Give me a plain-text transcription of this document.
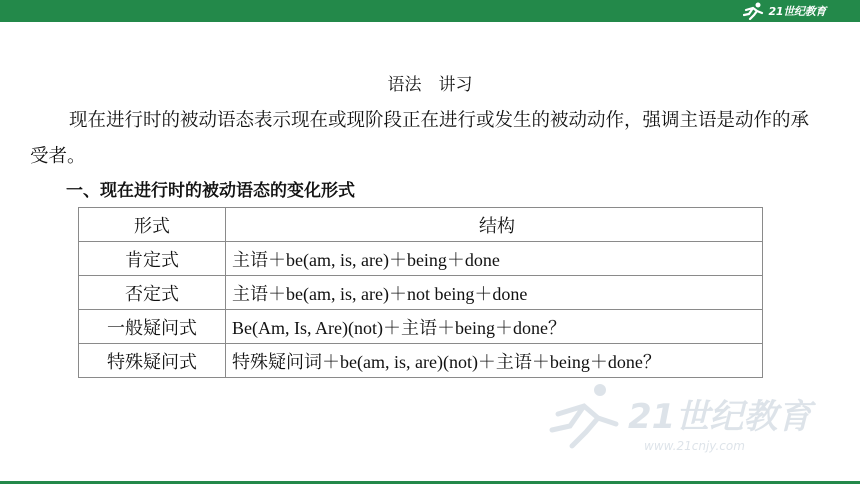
21世纪教育
语法　讲习
现在进行时的被动语态表示现在或现阶段正在进行或发生的被动动作，强调主语是动作的承受者。
一、现在进行时的被动语态的变化形式
形式	结构
肯定式	主语＋be(am, is, are)＋being＋done
否定式	主语＋be(am, is, are)＋not being＋done
一般疑问式	Be(Am, Is, Are)(not)＋主语＋being＋done？
特殊疑问式	特殊疑问词＋be(am, is, are)(not)＋主语＋being＋done？
21世纪教育
www.21cnjy.com
